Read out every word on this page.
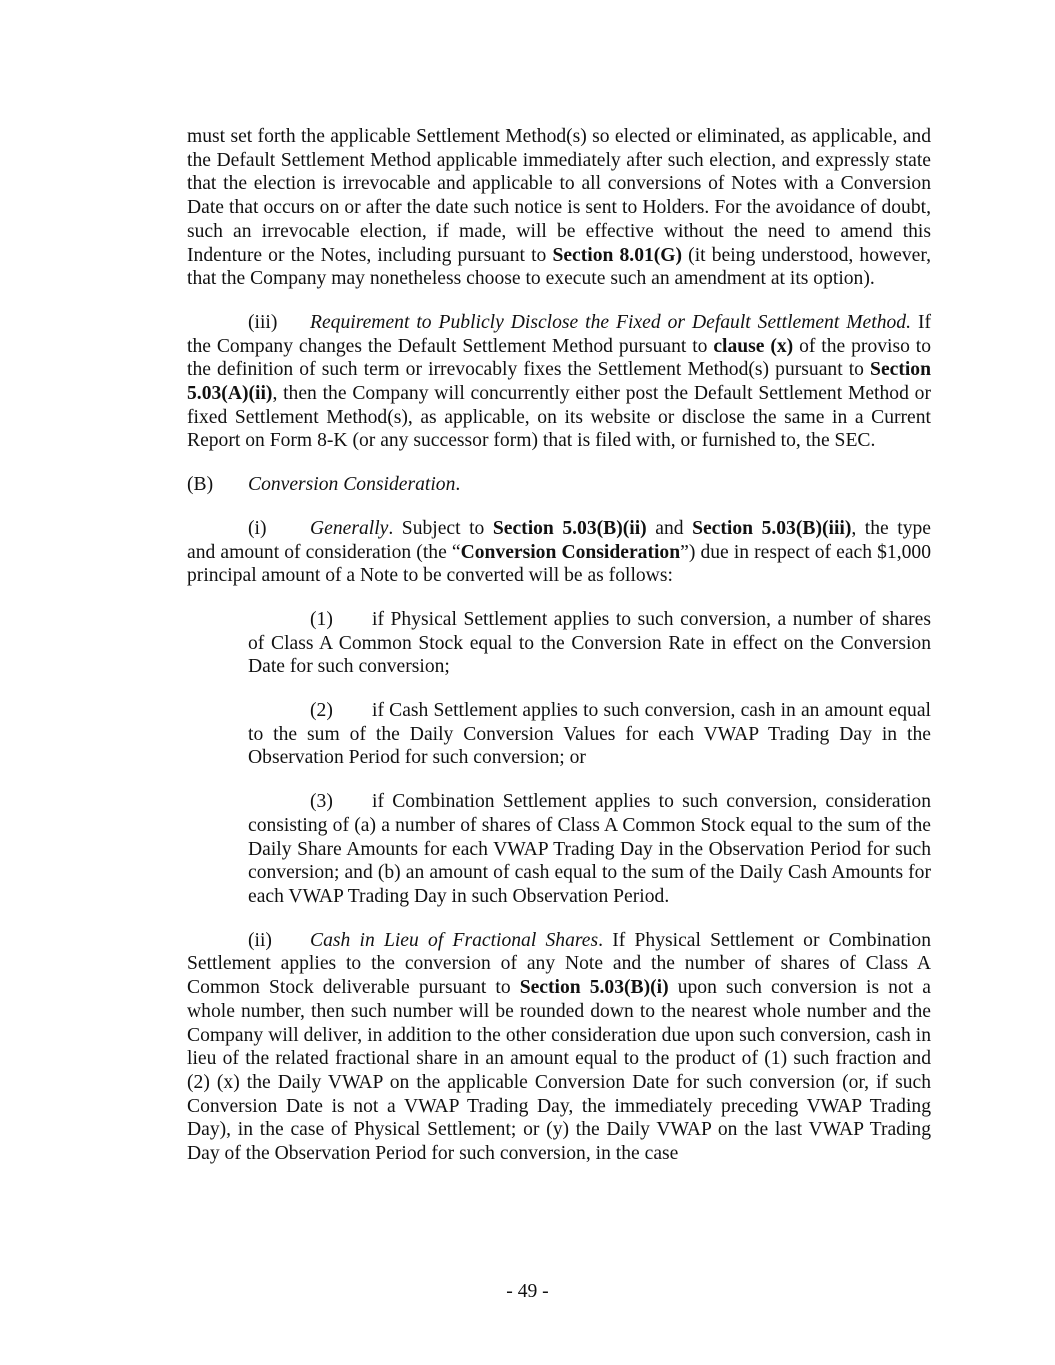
must set forth the applicable Settlement Method(s) so elected or eliminated, as applicable, and the Default Settlement Method applicable immediately after such election, and expressly state that the election is irrevocable and applicable to all conversions of Notes with a Conversion Date that occurs on or after the date such notice is sent to Holders. For the avoidance of doubt, such an irrevocable election, if made, will be effective without the need to amend this Indenture or the Notes, including pursuant to Section 8.01(G) (it being understood, however, that the Company may nonetheless choose to execute such an amendment at its option).

(iii) Requirement to Publicly Disclose the Fixed or Default Settlement Method. If the Company changes the Default Settlement Method pursuant to clause (x) of the proviso to the definition of such term or irrevocably fixes the Settlement Method(s) pursuant to Section 5.03(A)(ii), then the Company will concurrently either post the Default Settlement Method or fixed Settlement Method(s), as applicable, on its website or disclose the same in a Current Report on Form 8-K (or any successor form) that is filed with, or furnished to, the SEC.

(B) Conversion Consideration.

(i) Generally. Subject to Section 5.03(B)(ii) and Section 5.03(B)(iii), the type and amount of consideration (the “Conversion Consideration”) due in respect of each $1,000 principal amount of a Note to be converted will be as follows:

(1) if Physical Settlement applies to such conversion, a number of shares of Class A Common Stock equal to the Conversion Rate in effect on the Conversion Date for such conversion;

(2) if Cash Settlement applies to such conversion, cash in an amount equal to the sum of the Daily Conversion Values for each VWAP Trading Day in the Observation Period for such conversion; or

(3) if Combination Settlement applies to such conversion, consideration consisting of (a) a number of shares of Class A Common Stock equal to the sum of the Daily Share Amounts for each VWAP Trading Day in the Observation Period for such conversion; and (b) an amount of cash equal to the sum of the Daily Cash Amounts for each VWAP Trading Day in such Observation Period.

(ii) Cash in Lieu of Fractional Shares. If Physical Settlement or Combination Settlement applies to the conversion of any Note and the number of shares of Class A Common Stock deliverable pursuant to Section 5.03(B)(i) upon such conversion is not a whole number, then such number will be rounded down to the nearest whole number and the Company will deliver, in addition to the other consideration due upon such conversion, cash in lieu of the related fractional share in an amount equal to the product of (1) such fraction and (2) (x) the Daily VWAP on the applicable Conversion Date for such conversion (or, if such Conversion Date is not a VWAP Trading Day, the immediately preceding VWAP Trading Day), in the case of Physical Settlement; or (y) the Daily VWAP on the last VWAP Trading Day of the Observation Period for such conversion, in the case

- 49 -
